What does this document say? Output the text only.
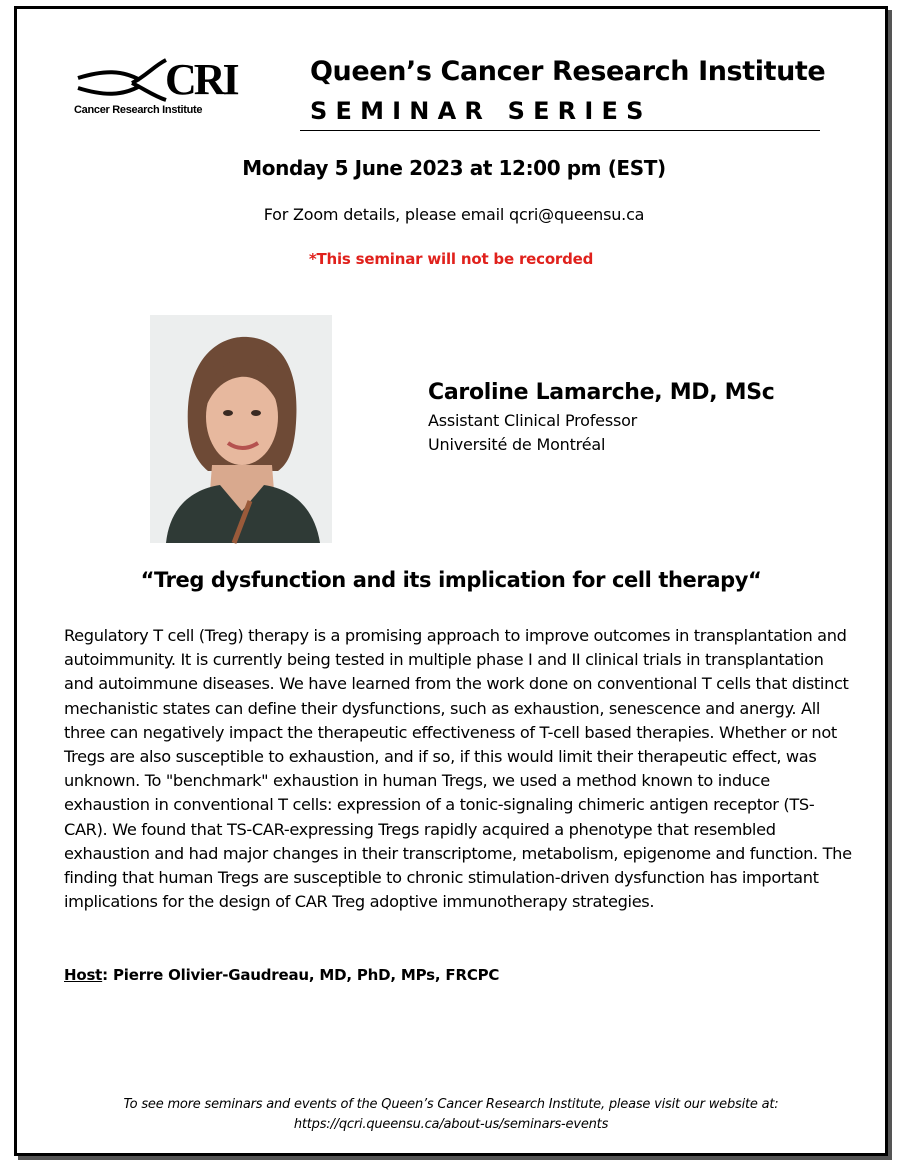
CRI
Cancer Research Institute
Queen’s Cancer Research Institute
SEMINAR SERIES
Monday 5 June 2023 at 12:00 pm (EST)
For Zoom details, please email qcri@queensu.ca
*This seminar will not be recorded
Caroline Lamarche, MD, MSc
Assistant Clinical Professor
Université de Montréal
“Treg dysfunction and its implication for cell therapy“
Regulatory T cell (Treg) therapy is a promising approach to improve outcomes in transplantation and autoimmunity. It is currently being tested in multiple phase I and II clinical trials in transplantation and autoimmune diseases. We have learned from the work done on conventional T cells that distinct mechanistic states can define their dysfunctions, such as exhaustion, senescence and anergy. All three can negatively impact the therapeutic effectiveness of T-cell based therapies. Whether or not Tregs are also susceptible to exhaustion, and if so, if this would limit their therapeutic effect, was unknown. To "benchmark" exhaustion in human Tregs, we used a method known to induce exhaustion in conventional T cells: expression of a tonic-signaling chimeric antigen receptor (TS-CAR). We found that TS-CAR-expressing Tregs rapidly acquired a phenotype that resembled exhaustion and had major changes in their transcriptome, metabolism, epigenome and function. The finding that human Tregs are susceptible to chronic stimulation-driven dysfunction has important implications for the design of CAR Treg adoptive immunotherapy strategies.
Host: Pierre Olivier-Gaudreau, MD, PhD, MPs, FRCPC
To see more seminars and events of the Queen’s Cancer Research Institute, please visit our website at:
https://qcri.queensu.ca/about-us/seminars-events
